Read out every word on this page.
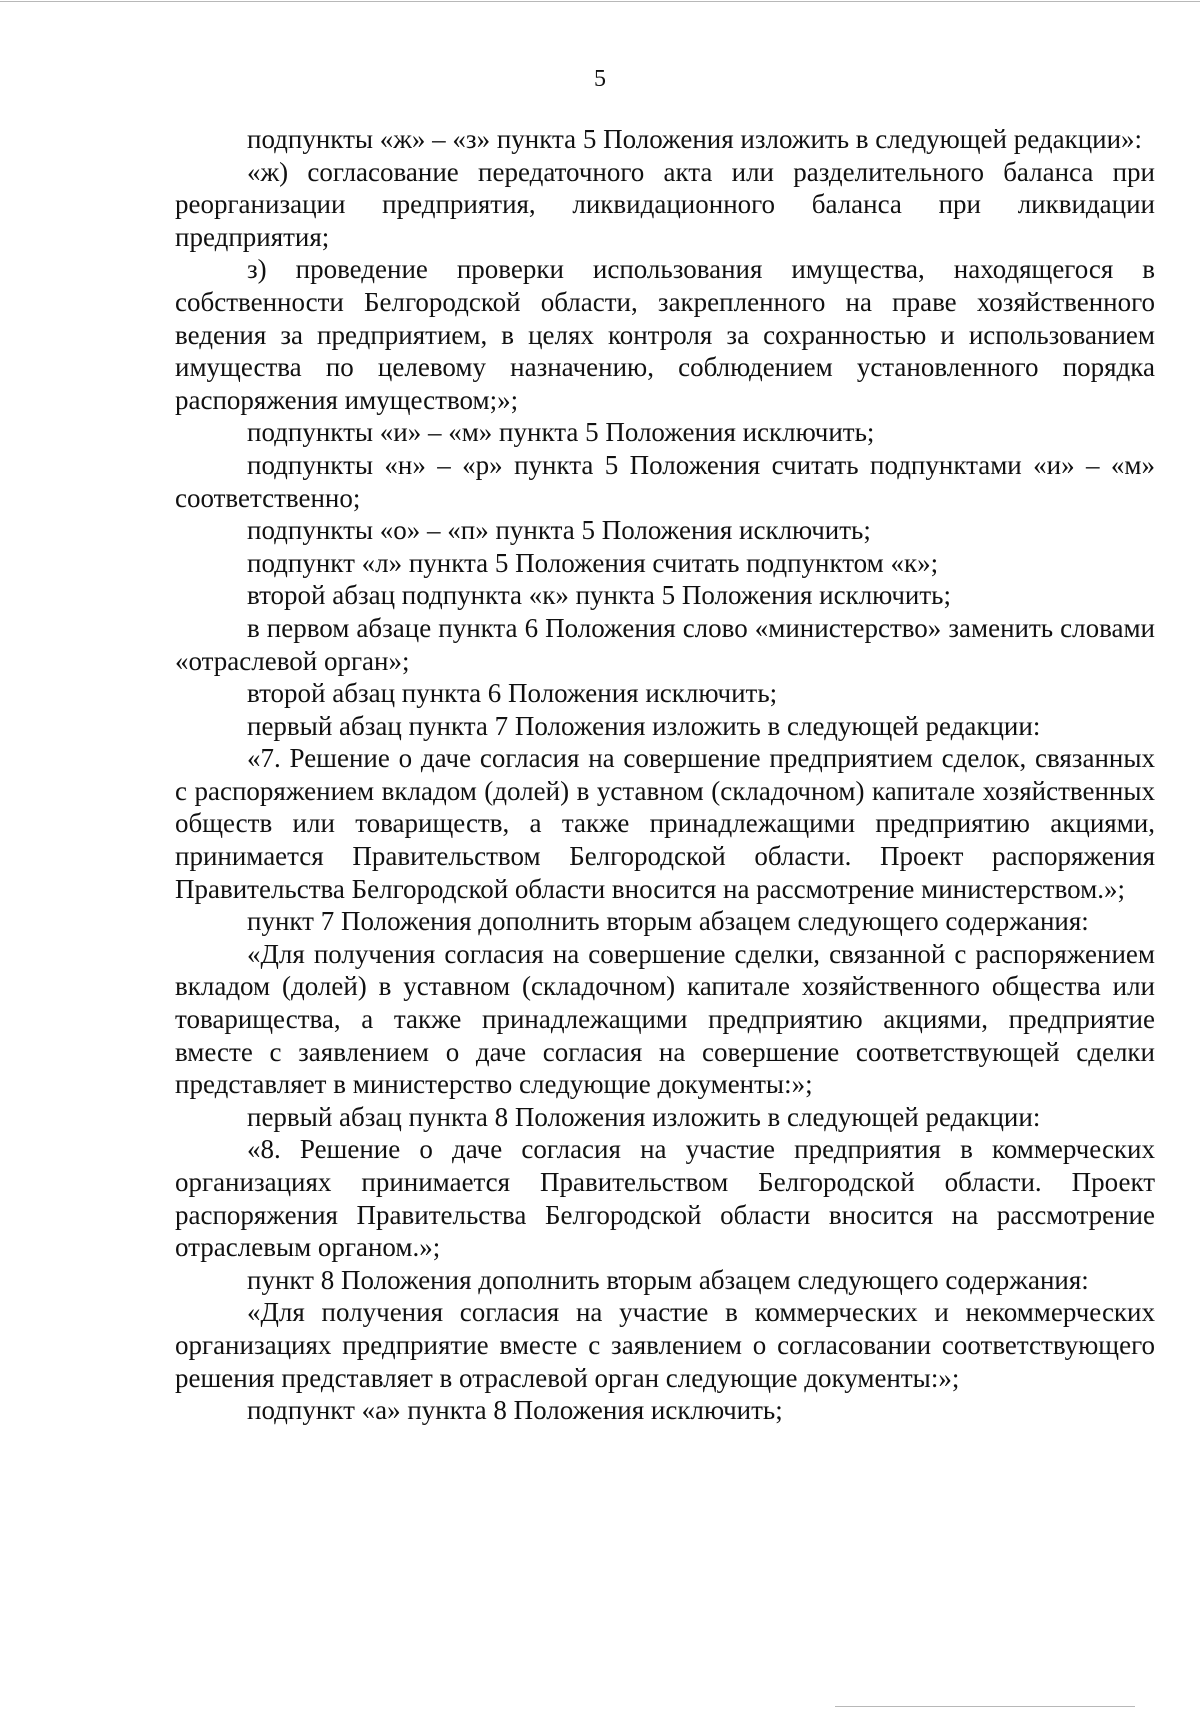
5

подпункты «ж» – «з» пункта 5 Положения изложить в следующей редакции»:

«ж) согласование передаточного акта или разделительного баланса при реорганизации предприятия, ликвидационного баланса при ликвидации предприятия;

з) проведение проверки использования имущества, находящегося в собственности Белгородской области, закрепленного на праве хозяйственного ведения за предприятием, в целях контроля за сохранностью и использованием имущества по целевому назначению, соблюдением установленного порядка распоряжения имуществом;»;

подпункты «и» – «м» пункта 5 Положения исключить;

подпункты «н» – «р» пункта 5 Положения считать подпунктами «и» – «м» соответственно;

подпункты «о» – «п» пункта 5 Положения исключить;

подпункт «л» пункта 5 Положения считать подпунктом «к»;

второй абзац подпункта «к» пункта 5 Положения исключить;

в первом абзаце пункта 6 Положения слово «министерство» заменить словами «отраслевой орган»;

второй абзац пункта 6 Положения исключить;

первый абзац пункта 7 Положения изложить в следующей редакции:

«7. Решение о даче согласия на совершение предприятием сделок, связанных с распоряжением вкладом (долей) в уставном (складочном) капитале хозяйственных обществ или товариществ, а также принадлежащими предприятию акциями, принимается Правительством Белгородской области. Проект распоряжения Правительства Белгородской области вносится на рассмотрение министерством.»;

пункт 7 Положения дополнить вторым абзацем следующего содержания:

«Для получения согласия на совершение сделки, связанной с распоряжением вкладом (долей) в уставном (складочном) капитале хозяйственного общества или товарищества, а также принадлежащими предприятию акциями, предприятие вместе с заявлением о даче согласия на совершение соответствующей сделки представляет в министерство следующие документы:»;

первый абзац пункта 8 Положения изложить в следующей редакции:

«8. Решение о даче согласия на участие предприятия в коммерческих организациях принимается Правительством Белгородской области. Проект распоряжения Правительства Белгородской области вносится на рассмотрение отраслевым органом.»;

пункт 8 Положения дополнить вторым абзацем следующего содержания:

«Для получения согласия на участие в коммерческих и некоммерческих организациях предприятие вместе с заявлением о согласовании соответствующего решения представляет в отраслевой орган следующие документы:»;

подпункт «а» пункта 8 Положения исключить;
